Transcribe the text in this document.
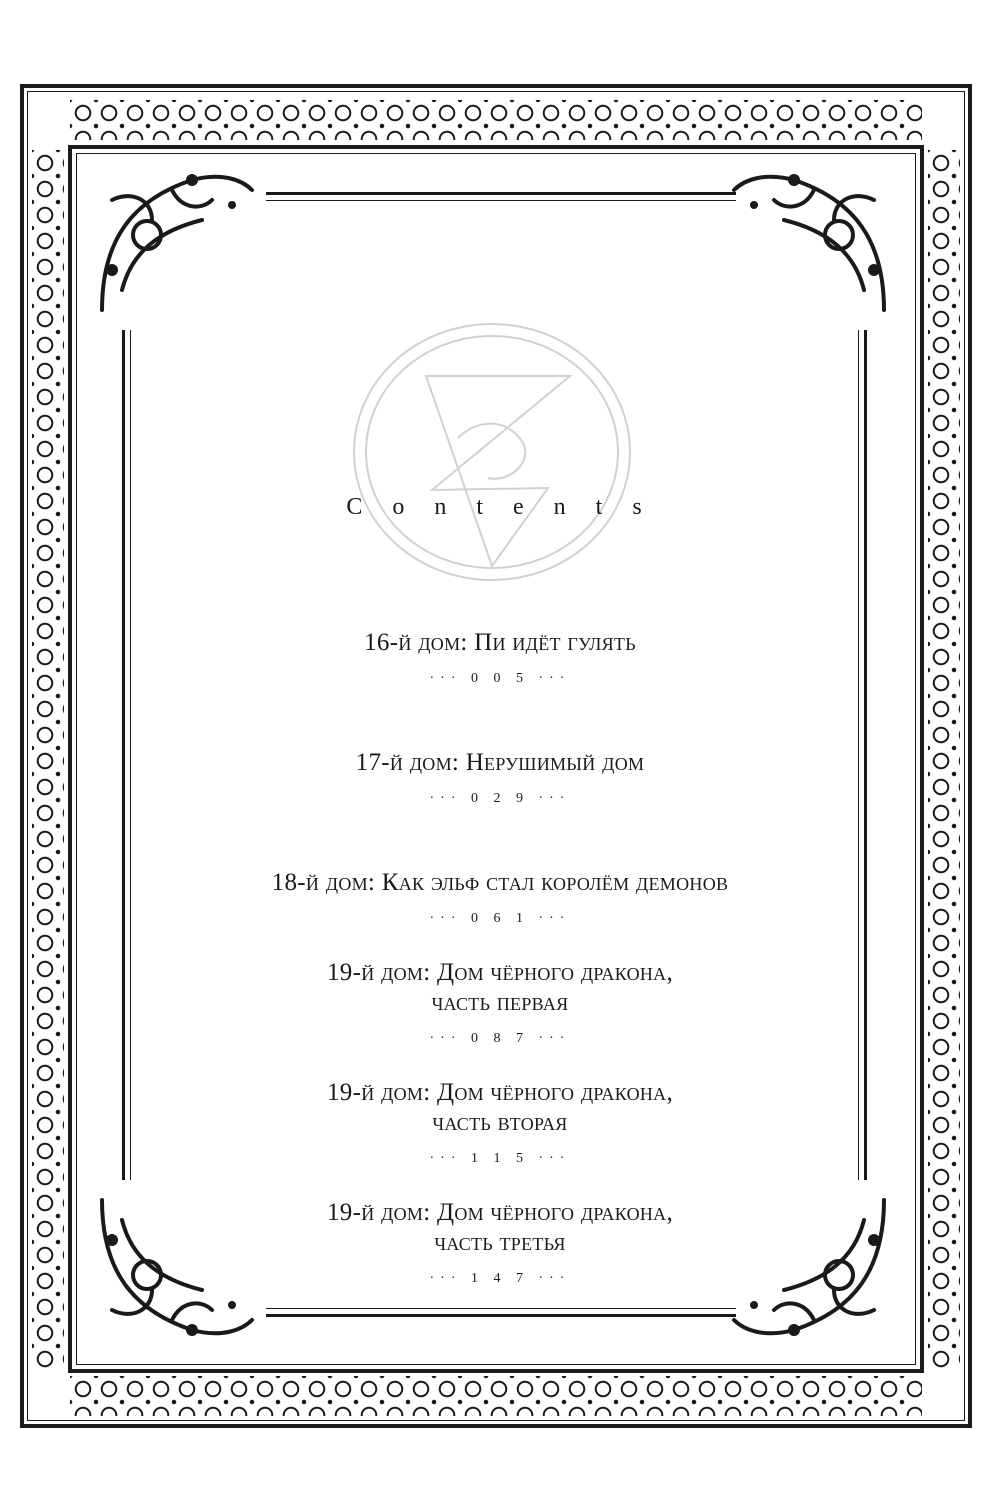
Contents
16-й дом: Пи идёт гулять
··· 0 0 5 ···
17-й дом: Нерушимый дом
··· 0 2 9 ···
18-й дом: Как эльф стал королём демонов
··· 0 6 1 ···
19-й дом: Дом чёрного дракона,
часть первая
··· 0 8 7 ···
19-й дом: Дом чёрного дракона,
часть вторая
··· 1 1 5 ···
19-й дом: Дом чёрного дракона,
часть третья
··· 1 4 7 ···
